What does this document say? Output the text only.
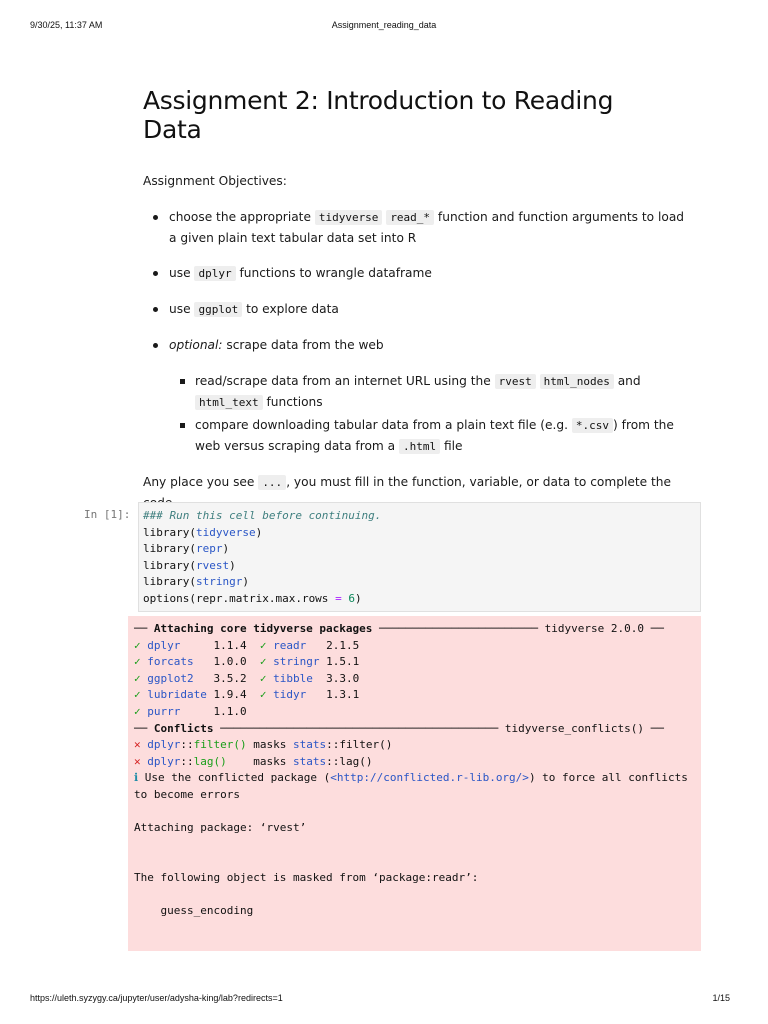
9/30/25, 11:37 AM	Assignment_reading_data
Assignment 2: Introduction to Reading
Data

Assignment Objectives:

choose the appropriate tidyverse read_* function and function arguments to load a given plain text tabular data set into R
use dplyr functions to wrangle dataframe
use ggplot to explore data
optional: scrape data from the web
read/scrape data from an internet URL using the rvest html_nodes and html_text functions
compare downloading tabular data from a plain text file (e.g. *.csv ) from the web versus scraping data from a .html file

Any place you see ... , you must fill in the function, variable, or data to complete the

In [1]:	### Run this cell before continuing.
library(tidyverse)
library(repr)
library(rvest)
library(stringr)
options(repr.matrix.max.rows = 6)
── Attaching core tidyverse packages ──────────────────────── tidyverse 2.0.0 ──
✓ dplyr     1.1.4  ✓ readr   2.1.5
✓ forcats   1.0.0  ✓ stringr 1.5.1
✓ ggplot2   3.5.2  ✓ tibble  3.3.0
✓ lubridate 1.9.4  ✓ tidyr   1.3.1
✓ purrr     1.1.0
── Conflicts ────────────────────────────────────────── tidyverse_conflicts() ──
✕ dplyr::filter() masks stats::filter()
✕ dplyr::lag()    masks stats::lag()
ℹ Use the conflicted package (<http://conflicted.r-lib.org/>) to force all conflicts
to become errors

Attaching package: ‘rvest’

The following object is masked from ‘package:readr’:

guess_encoding
https://uleth.syzygy.ca/jupyter/user/adysha-king/lab?redirects=1	1/15
